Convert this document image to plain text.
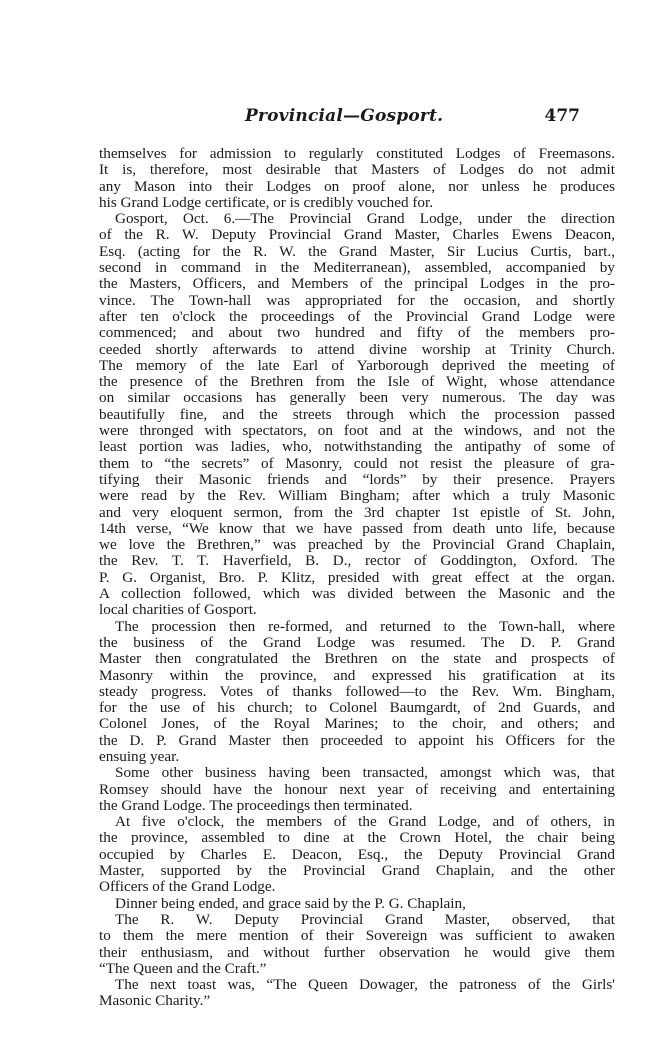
Provincial—Gosport.	477
themselves for admission to regularly constituted Lodges of Freemasons.
It is, therefore, most desirable that Masters of Lodges do not admit
any Mason into their Lodges on proof alone, nor unless he produces
his Grand Lodge certificate, or is credibly vouched for.
Gosport, Oct. 6.—The Provincial Grand Lodge, under the direction
of the R. W. Deputy Provincial Grand Master, Charles Ewens Deacon,
Esq. (acting for the R. W. the Grand Master, Sir Lucius Curtis, bart.,
second in command in the Mediterranean), assembled, accompanied by
the Masters, Officers, and Members of the principal Lodges in the pro-
vince. The Town-hall was appropriated for the occasion, and shortly
after ten o'clock the proceedings of the Provincial Grand Lodge were
commenced; and about two hundred and fifty of the members pro-
ceeded shortly afterwards to attend divine worship at Trinity Church.
The memory of the late Earl of Yarborough deprived the meeting of
the presence of the Brethren from the Isle of Wight, whose attendance
on similar occasions has generally been very numerous. The day was
beautifully fine, and the streets through which the procession passed
were thronged with spectators, on foot and at the windows, and not the
least portion was ladies, who, notwithstanding the antipathy of some of
them to “the secrets” of Masonry, could not resist the pleasure of gra-
tifying their Masonic friends and “lords” by their presence. Prayers
were read by the Rev. William Bingham; after which a truly Masonic
and very eloquent sermon, from the 3rd chapter 1st epistle of St. John,
14th verse, “We know that we have passed from death unto life, because
we love the Brethren,” was preached by the Provincial Grand Chaplain,
the Rev. T. T. Haverfield, B. D., rector of Goddington, Oxford. The
P. G. Organist, Bro. P. Klitz, presided with great effect at the organ.
A collection followed, which was divided between the Masonic and the
local charities of Gosport.
The procession then re-formed, and returned to the Town-hall, where
the business of the Grand Lodge was resumed. The D. P. Grand
Master then congratulated the Brethren on the state and prospects of
Masonry within the province, and expressed his gratification at its
steady progress. Votes of thanks followed—to the Rev. Wm. Bingham,
for the use of his church; to Colonel Baumgardt, of 2nd Guards, and
Colonel Jones, of the Royal Marines; to the choir, and others; and
the D. P. Grand Master then proceeded to appoint his Officers for the
ensuing year.
Some other business having been transacted, amongst which was, that
Romsey should have the honour next year of receiving and entertaining
the Grand Lodge. The proceedings then terminated.
At five o'clock, the members of the Grand Lodge, and of others, in
the province, assembled to dine at the Crown Hotel, the chair being
occupied by Charles E. Deacon, Esq., the Deputy Provincial Grand
Master, supported by the Provincial Grand Chaplain, and the other
Officers of the Grand Lodge.
Dinner being ended, and grace said by the P. G. Chaplain,
The R. W. Deputy Provincial Grand Master, observed, that
to them the mere mention of their Sovereign was sufficient to awaken
their enthusiasm, and without further observation he would give them
“The Queen and the Craft.”
The next toast was, “The Queen Dowager, the patroness of the Girls'
Masonic Charity.”
